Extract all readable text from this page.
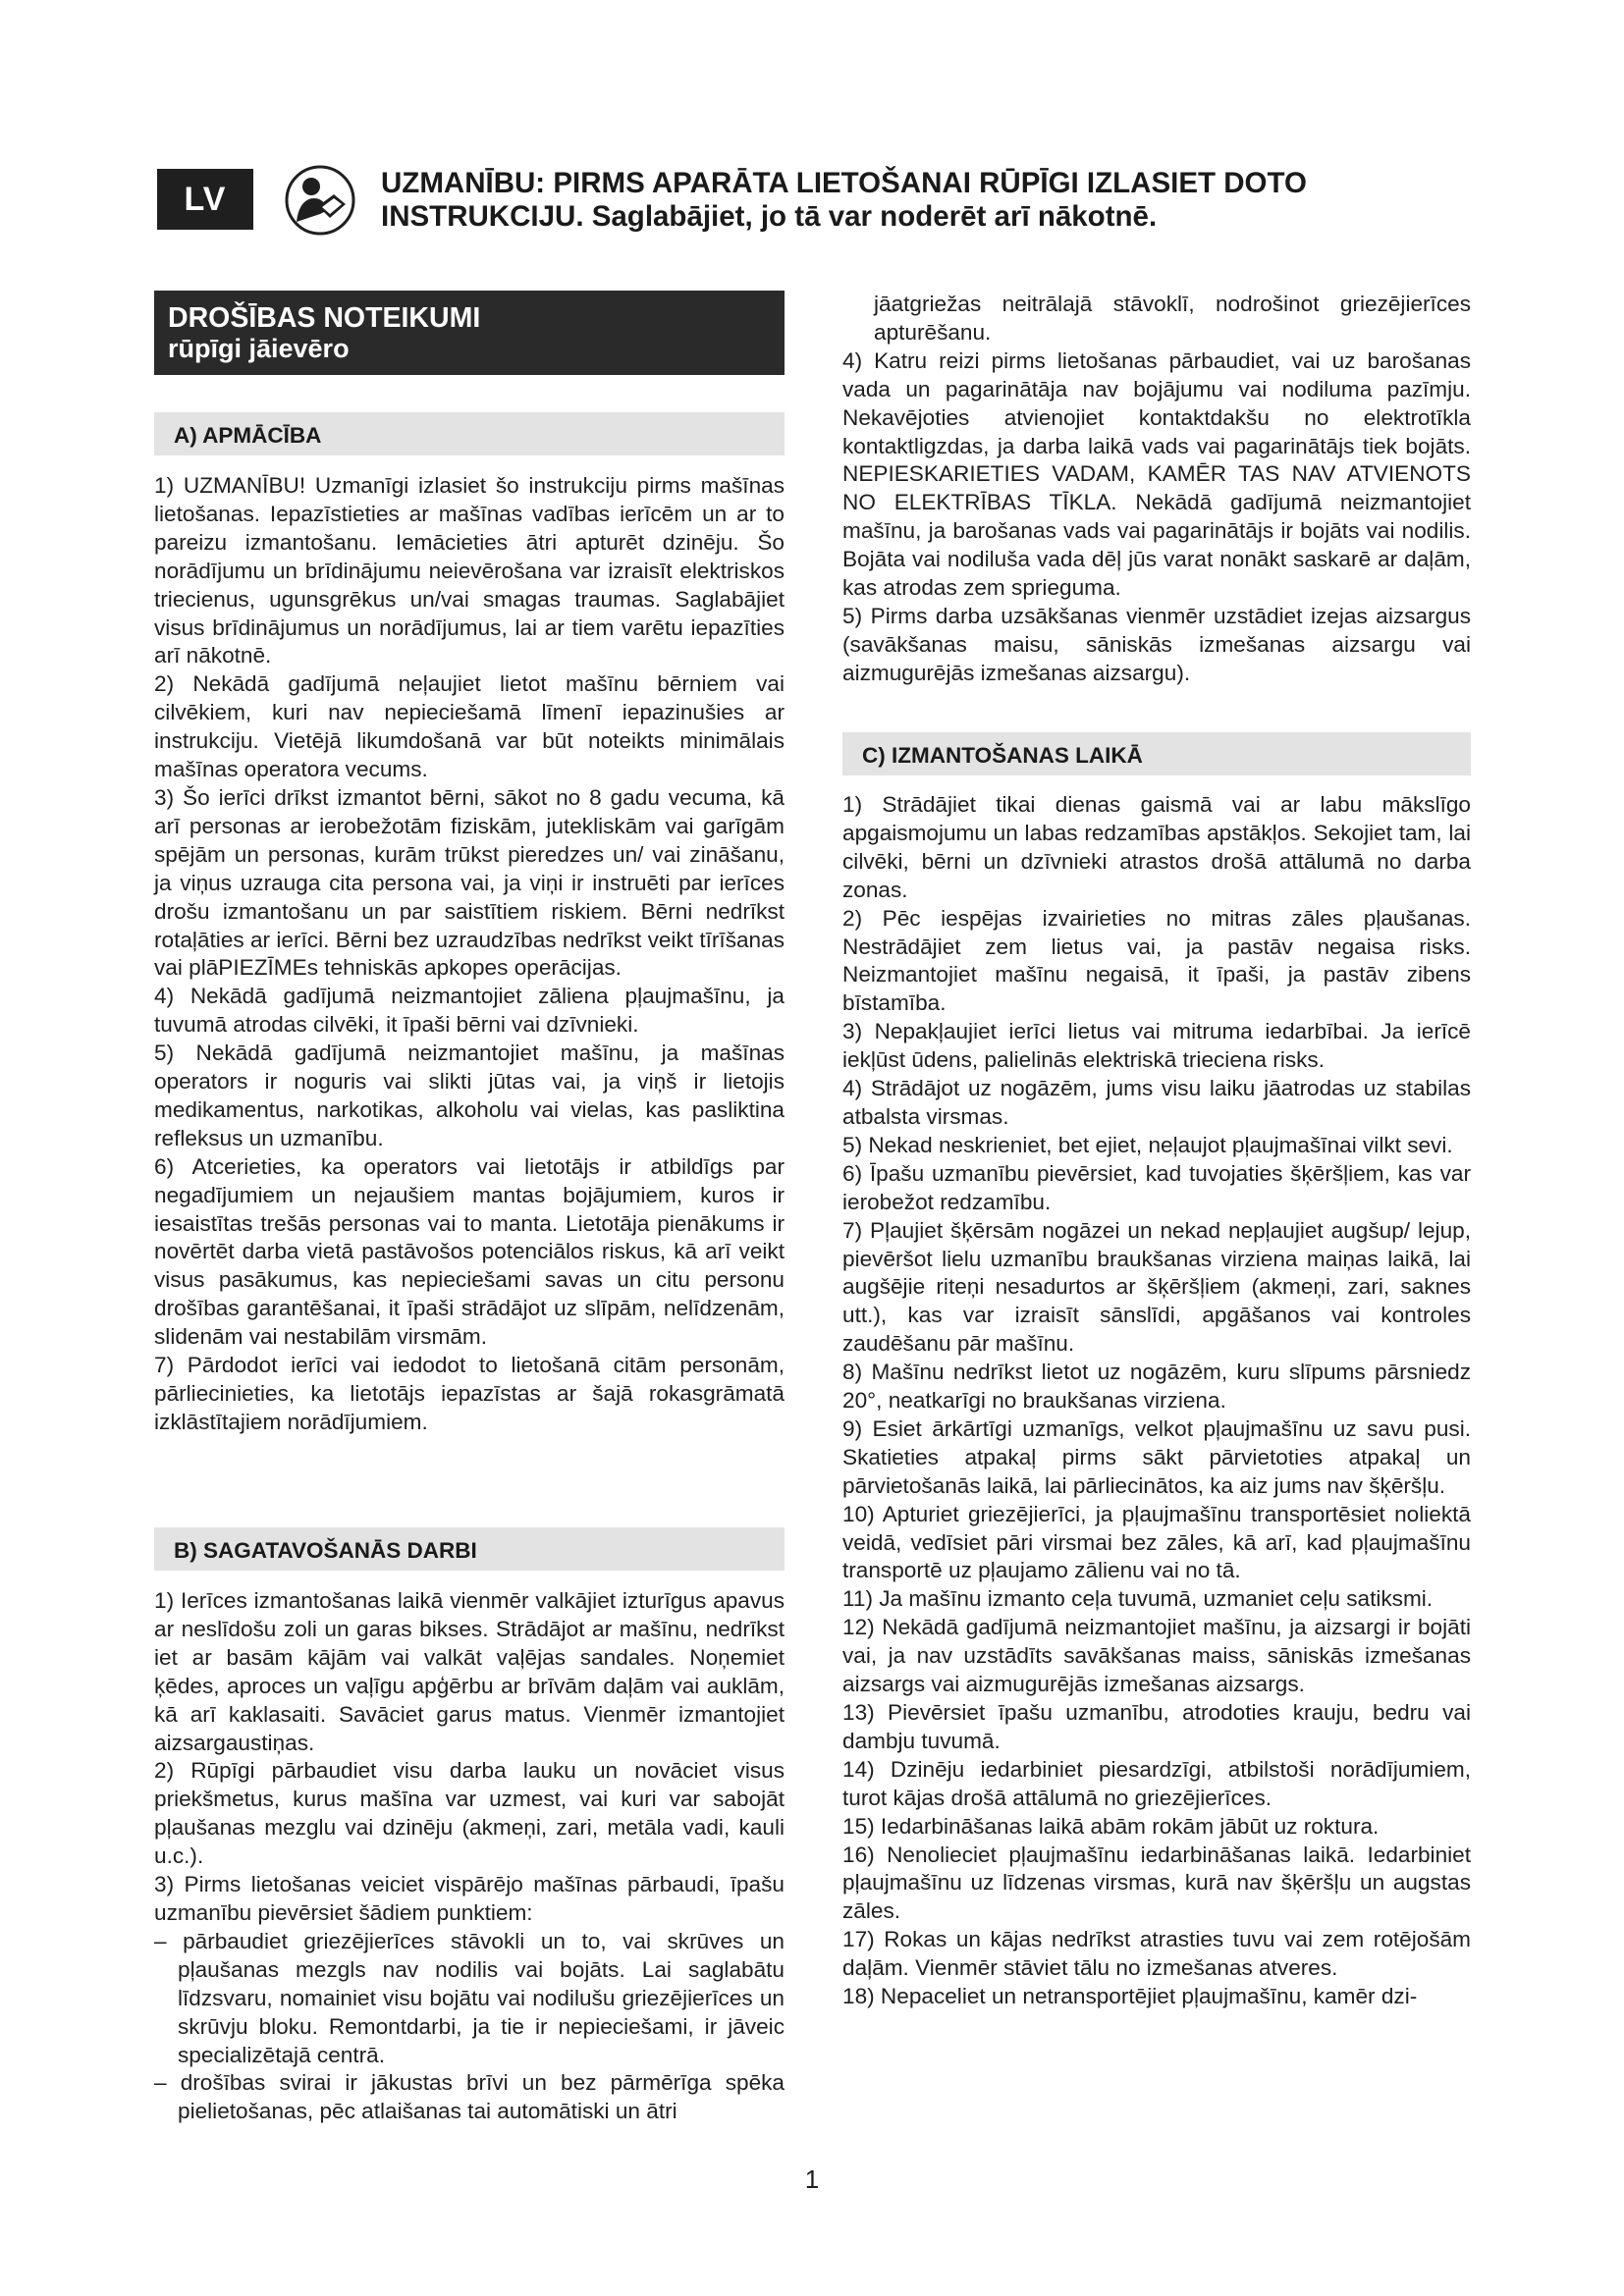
LV	UZMANĪBU: PIRMS APARĀTA LIETOŠANAI RŪPĪGI IZLASIET DOTO INSTRUKCIJU. Saglabājiet, jo tā var noderēt arī nākotnē.
DROŠĪBAS NOTEIKUMI
rūpīgi jāievēro
A) APMĀCĪBA

1) UZMANĪBU! Uzmanīgi izlasiet šo instrukciju pirms mašīnas lietošanas. Iepazīstieties ar mašīnas vadības ierīcēm un ar to pareizu izmantošanu. Iemācieties ātri apturēt dzinēju. Šo norādījumu un brīdinājumu neievērošana var izraisīt elektriskos triecienus, ugunsgrēkus un/vai smagas traumas. Saglabājiet visus brīdinājumus un norādījumus, lai ar tiem varētu iepazīties arī nākotnē.

2) Nekādā gadījumā neļaujiet lietot mašīnu bērniem vai cilvēkiem, kuri nav nepieciešamā līmenī iepazinušies ar instrukciju. Vietējā likumdošanā var būt noteikts minimālais mašīnas operatora vecums.

3) Šo ierīci drīkst izmantot bērni, sākot no 8 gadu vecuma, kā arī personas ar ierobežotām fiziskām, jutekliskām vai garīgām spējām un personas, kurām trūkst pieredzes un/ vai zināšanu, ja viņus uzrauga cita persona vai, ja viņi ir instruēti par ierīces drošu izmantošanu un par saistītiem riskiem. Bērni nedrīkst rotaļāties ar ierīci. Bērni bez uzraudzības nedrīkst veikt tīrīšanas vai plāPIEZĪMEs tehniskās apkopes operācijas.

4) Nekādā gadījumā neizmantojiet zāliena pļaujmašīnu, ja tuvumā atrodas cilvēki, it īpaši bērni vai dzīvnieki.

5) Nekādā gadījumā neizmantojiet mašīnu, ja mašīnas operators ir noguris vai slikti jūtas vai, ja viņš ir lietojis medikamentus, narkotikas, alkoholu vai vielas, kas pasliktina refleksus un uzmanību.

6) Atcerieties, ka operators vai lietotājs ir atbildīgs par negadījumiem un nejaušiem mantas bojājumiem, kuros ir iesaistītas trešās personas vai to manta. Lietotāja pienākums ir novērtēt darba vietā pastāvošos potenciālos riskus, kā arī veikt visus pasākumus, kas nepieciešami savas un citu personu drošības garantēšanai, it īpaši strādājot uz slīpām, nelīdzenām, slidenām vai nestabilām virsmām.

7) Pārdodot ierīci vai iedodot to lietošanā citām personām, pārliecinieties, ka lietotājs iepazīstas ar šajā rokasgrāmatā izklāstītajiem norādījumiem.

B) SAGATAVOŠANĀS DARBI

1) Ierīces izmantošanas laikā vienmēr valkājiet izturīgus apavus ar neslīdošu zoli un garas bikses. Strādājot ar mašīnu, nedrīkst iet ar basām kājām vai valkāt vaļējas sandales. Noņemiet ķēdes, aproces un vaļīgu apģērbu ar brīvām daļām vai auklām, kā arī kaklasaiti. Savāciet garus matus. Vienmēr izmantojiet aizsargaustiņas.

2) Rūpīgi pārbaudiet visu darba lauku un novāciet visus priekšmetus, kurus mašīna var uzmest, vai kuri var sabojāt pļaušanas mezglu vai dzinēju (akmeņi, zari, metāla vadi, kauli u.c.).

3) Pirms lietošanas veiciet vispārējo mašīnas pārbaudi, īpašu uzmanību pievērsiet šādiem punktiem:

– pārbaudiet griezējierīces stāvokli un to, vai skrūves un pļaušanas mezgls nav nodilis vai bojāts. Lai saglabātu līdzsvaru, nomainiet visu bojātu vai nodilušu griezējierīces un skrūvju bloku. Remontdarbi, ja tie ir nepieciešami, ir jāveic specializētajā centrā.

– drošības svirai ir jākustas brīvi un bez pārmērīga spēka pielietošanas, pēc atlaišanas tai automātiski un ātri

jāatgriežas neitrālajā stāvoklī, nodrošinot griezējierīces apturēšanu.

4) Katru reizi pirms lietošanas pārbaudiet, vai uz barošanas vada un pagarinātāja nav bojājumu vai nodiluma pazīmju. Nekavējoties atvienojiet kontaktdakšu no elektrotīkla kontaktligzdas, ja darba laikā vads vai pagarinātājs tiek bojāts. NEPIESKARIETIES VADAM, KAMĒR TAS NAV ATVIENOTS NO ELEKTRĪBAS TĪKLA. Nekādā gadījumā neizmantojiet mašīnu, ja barošanas vads vai pagarinātājs ir bojāts vai nodilis. Bojāta vai nodiluša vada dēļ jūs varat nonākt saskarē ar daļām, kas atrodas zem sprieguma.

5) Pirms darba uzsākšanas vienmēr uzstādiet izejas aizsargus (savākšanas maisu, sāniskās izmešanas aizsargu vai aizmugurējās izmešanas aizsargu).

C) IZMANTOŠANAS LAIKĀ

1) Strādājiet tikai dienas gaismā vai ar labu mākslīgo apgaismojumu un labas redzamības apstākļos. Sekojiet tam, lai cilvēki, bērni un dzīvnieki atrastos drošā attālumā no darba zonas.

2) Pēc iespējas izvairieties no mitras zāles pļaušanas. Nestrādājiet zem lietus vai, ja pastāv negaisa risks. Neizmantojiet mašīnu negaisā, it īpaši, ja pastāv zibens bīstamība.

3) Nepakļaujiet ierīci lietus vai mitruma iedarbībai. Ja ierīcē iekļūst ūdens, palielinās elektriskā trieciena risks.

4) Strādājot uz nogāzēm, jums visu laiku jāatrodas uz stabilas atbalsta virsmas.

5) Nekad neskrieniet, bet ejiet, neļaujot pļaujmašīnai vilkt sevi.

6) Īpašu uzmanību pievērsiet, kad tuvojaties šķēršļiem, kas var ierobežot redzamību.

7) Pļaujiet šķērsām nogāzei un nekad nepļaujiet augšup/ lejup, pievēršot lielu uzmanību braukšanas virziena maiņas laikā, lai augšējie riteņi nesadurtos ar šķēršļiem (akmeņi, zari, saknes utt.), kas var izraisīt sānslīdi, apgāšanos vai kontroles zaudēšanu pār mašīnu.

8) Mašīnu nedrīkst lietot uz nogāzēm, kuru slīpums pārsniedz 20°, neatkarīgi no braukšanas virziena.

9) Esiet ārkārtīgi uzmanīgs, velkot pļaujmašīnu uz savu pusi. Skatieties atpakaļ pirms sākt pārvietoties atpakaļ un pārvietošanās laikā, lai pārliecinātos, ka aiz jums nav šķēršļu.

10) Apturiet griezējierīci, ja pļaujmašīnu transportēsiet noliektā veidā, vedīsiet pāri virsmai bez zāles, kā arī, kad pļaujmašīnu transportē uz pļaujamo zālienu vai no tā.

11) Ja mašīnu izmanto ceļa tuvumā, uzmaniet ceļu satiksmi.

12) Nekādā gadījumā neizmantojiet mašīnu, ja aizsargi ir bojāti vai, ja nav uzstādīts savākšanas maiss, sāniskās izmešanas aizsargs vai aizmugurējās izmešanas aizsargs.

13) Pievērsiet īpašu uzmanību, atrodoties krauju, bedru vai dambju tuvumā.

14) Dzinēju iedarbiniet piesardzīgi, atbilstoši norādījumiem, turot kājas drošā attālumā no griezējierīces.

15) Iedarbināšanas laikā abām rokām jābūt uz roktura.

16) Nenolieciet pļaujmašīnu iedarbināšanas laikā. Iedarbiniet pļaujmašīnu uz līdzenas virsmas, kurā nav šķēršļu un augstas zāles.

17) Rokas un kājas nedrīkst atrasties tuvu vai zem rotējošām daļām. Vienmēr stāviet tālu no izmešanas atveres.

18) Nepaceliet un netransportējiet pļaujmašīnu, kamēr dzi-

1
